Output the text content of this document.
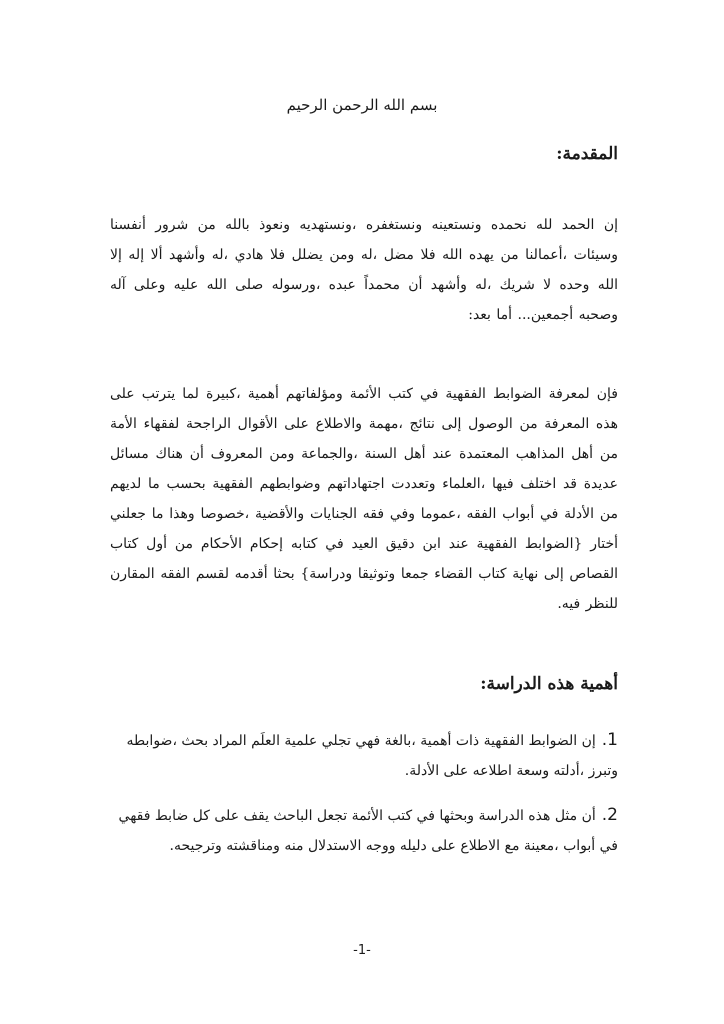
بسم الله الرحمن الرحيم
المقدمة:

إن الحمد لله نحمده ونستعينه ونستغفره ،ونستهديه ونعوذ بالله من شرور أنفسنا وسيئات ،أعمالنا من يهده الله فلا مضل ،له ومن يضلل فلا هادي ،له وأشهد ألا إله إلا الله وحده لا شريك ،له وأشهد أن محمداً عبده ،ورسوله صلى الله عليه وعلى آله وصحبه أجمعين... أما بعد:

فإن لمعرفة الضوابط الفقهية في كتب الأئمة ومؤلفاتهم أهمية ،كبيرة لما يترتب على هذه المعرفة من الوصول إلى نتائج ،مهمة والاطلاع على الأقوال الراجحة لفقهاء الأمة من أهل المذاهب المعتمدة عند أهل السنة ،والجماعة ومن المعروف أن هناك مسائل عديدة قد اختلف فيها ،العلماء وتعددت اجتهاداتهم وضوابطهم الفقهية بحسب ما لديهم من الأدلة في أبواب الفقه ،عموما وفي فقه الجنايات والأقضية ،خصوصا وهذا ما جعلني أختار {الضوابط الفقهية عند ابن دقيق العيد في كتابه إحكام الأحكام من أول كتاب القصاص إلى نهاية كتاب القضاء جمعا وتوثيقا ودراسة} بحثا أقدمه لقسم الفقه المقارن للنظر فيه.

أهمية هذه الدراسة:
1.إن الضوابط الفقهية ذات أهمية ،بالغة فهي تجلي علمية العلَم المراد بحث ،ضوابطه وتبرز ،أدلته وسعة اطلاعه على الأدلة.
2.أن مثل هذه الدراسة وبحثها في كتب الأئمة تجعل الباحث يقف على كل ضابط فقهي في أبواب ،معينة مع الاطلاع على دليله ووجه الاستدلال منه ومناقشته وترجيحه.
-1-
